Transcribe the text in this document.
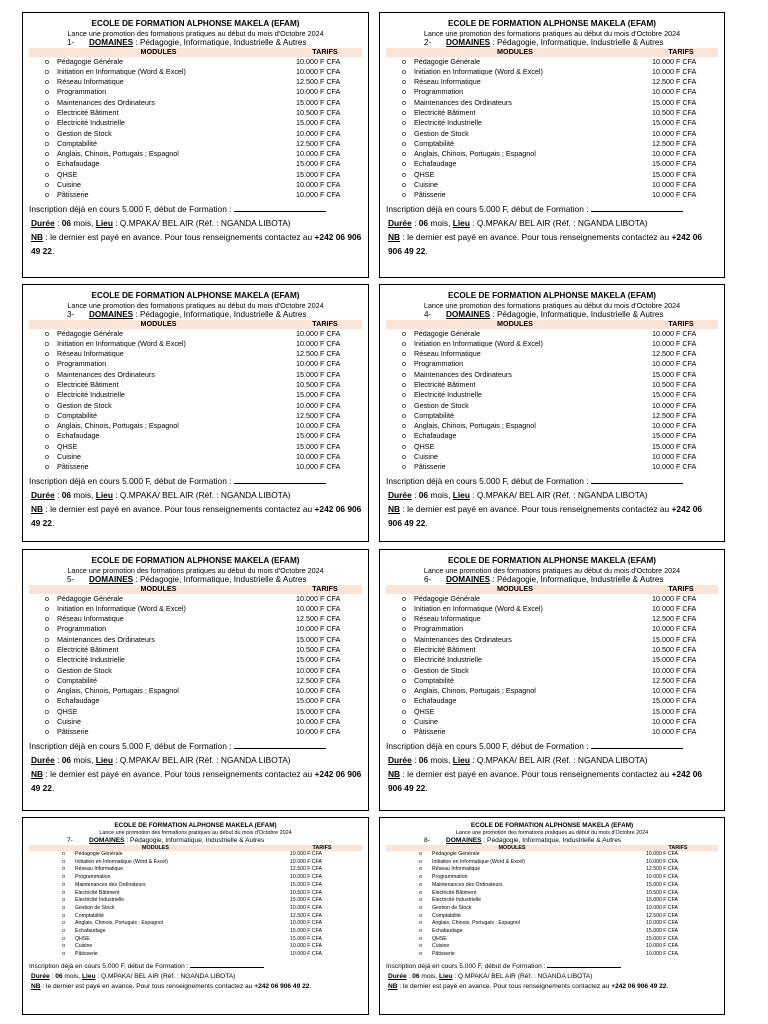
ECOLE DE FORMATION ALPHONSE MAKELA (EFAM)
Lance une promotion des formations pratiques au début du mois d'Octobre 2024
1- DOMAINES : Pédagogie, Informatique, Industrielle & Autres
MODULES	TARIFS
o	Pédagogie Générale	10.000 F CFA
o	Initiation en Informatique (Word & Excel)	10.000 F CFA
o	Réseau Informatique	12.500 F CFA
o	Programmation	10.000 F CFA
o	Maintenances des Ordinateurs	15.000 F CFA
o	Electricité Bâtiment	10.500 F CFA
o	Electricité Industrielle	15.000 F CFA
o	Gestion de Stock	10.000 F CFA
o	Comptabilité	12.500 F CFA
o	Anglais, Chinois, Portugais ; Espagnol	10.000 F CFA
o	Echafaudage	15.000 F CFA
o	QHSE	15.000 F CFA
o	Cuisine	10.000 F CFA
o	Pâtisserie	10.000 F CFA
Inscription déjà en cours 5.000 F, début de Formation :
Durée : 06 mois, Lieu : Q.MPAKA/ BEL AIR (Réf. : NGANDA LIBOTA)
NB : le dernier est payé en avance. Pour tous renseignements contactez au +242 06 906 49 22.
ECOLE DE FORMATION ALPHONSE MAKELA (EFAM)
Lance une promotion des formations pratiques au début du mois d'Octobre 2024
2- DOMAINES : Pédagogie, Informatique, Industrielle & Autres
MODULES	TARIFS
o	Pédagogie Générale	10.000 F CFA
o	Initiation en Informatique (Word & Excel)	10.000 F CFA
o	Réseau Informatique	12.500 F CFA
o	Programmation	10.000 F CFA
o	Maintenances des Ordinateurs	15.000 F CFA
o	Electricité Bâtiment	10.500 F CFA
o	Electricité Industrielle	15.000 F CFA
o	Gestion de Stock	10.000 F CFA
o	Comptabilité	12.500 F CFA
o	Anglais, Chinois, Portugais ; Espagnol	10.000 F CFA
o	Echafaudage	15.000 F CFA
o	QHSE	15.000 F CFA
o	Cuisine	10.000 F CFA
o	Pâtisserie	10.000 F CFA
Inscription déjà en cours 5.000 F, début de Formation :
Durée : 06 mois, Lieu : Q.MPAKA/ BEL AIR (Réf. : NGANDA LIBOTA)
NB : le dernier est payé en avance. Pour tous renseignements contactez au +242 06 906 49 22.
ECOLE DE FORMATION ALPHONSE MAKELA (EFAM)
Lance une promotion des formations pratiques au début du mois d'Octobre 2024
3- DOMAINES : Pédagogie, Informatique, Industrielle & Autres
MODULES	TARIFS
o	Pédagogie Générale	10.000 F CFA
o	Initiation en Informatique (Word & Excel)	10.000 F CFA
o	Réseau Informatique	12.500 F CFA
o	Programmation	10.000 F CFA
o	Maintenances des Ordinateurs	15.000 F CFA
o	Electricité Bâtiment	10.500 F CFA
o	Electricité Industrielle	15.000 F CFA
o	Gestion de Stock	10.000 F CFA
o	Comptabilité	12.500 F CFA
o	Anglais, Chinois, Portugais ; Espagnol	10.000 F CFA
o	Echafaudage	15.000 F CFA
o	QHSE	15.000 F CFA
o	Cuisine	10.000 F CFA
o	Pâtisserie	10.000 F CFA
Inscription déjà en cours 5.000 F, début de Formation :
Durée : 06 mois, Lieu : Q.MPAKA/ BEL AIR (Réf. : NGANDA LIBOTA)
NB : le dernier est payé en avance. Pour tous renseignements contactez au +242 06 906 49 22.
ECOLE DE FORMATION ALPHONSE MAKELA (EFAM)
Lance une promotion des formations pratiques au début du mois d'Octobre 2024
4- DOMAINES : Pédagogie, Informatique, Industrielle & Autres
MODULES	TARIFS
o	Pédagogie Générale	10.000 F CFA
o	Initiation en Informatique (Word & Excel)	10.000 F CFA
o	Réseau Informatique	12.500 F CFA
o	Programmation	10.000 F CFA
o	Maintenances des Ordinateurs	15.000 F CFA
o	Electricité Bâtiment	10.500 F CFA
o	Electricité Industrielle	15.000 F CFA
o	Gestion de Stock	10.000 F CFA
o	Comptabilité	12.500 F CFA
o	Anglais, Chinois, Portugais ; Espagnol	10.000 F CFA
o	Echafaudage	15.000 F CFA
o	QHSE	15.000 F CFA
o	Cuisine	10.000 F CFA
o	Pâtisserie	10.000 F CFA
Inscription déjà en cours 5.000 F, début de Formation :
Durée : 06 mois, Lieu : Q.MPAKA/ BEL AIR (Réf. : NGANDA LIBOTA)
NB : le dernier est payé en avance. Pour tous renseignements contactez au +242 06 906 49 22.
ECOLE DE FORMATION ALPHONSE MAKELA (EFAM)
Lance une promotion des formations pratiques au début du mois d'Octobre 2024
5- DOMAINES : Pédagogie, Informatique, Industrielle & Autres
MODULES	TARIFS
o	Pédagogie Générale	10.000 F CFA
o	Initiation en Informatique (Word & Excel)	10.000 F CFA
o	Réseau Informatique	12.500 F CFA
o	Programmation	10.000 F CFA
o	Maintenances des Ordinateurs	15.000 F CFA
o	Electricité Bâtiment	10.500 F CFA
o	Electricité Industrielle	15.000 F CFA
o	Gestion de Stock	10.000 F CFA
o	Comptabilité	12.500 F CFA
o	Anglais, Chinois, Portugais ; Espagnol	10.000 F CFA
o	Echafaudage	15.000 F CFA
o	QHSE	15.000 F CFA
o	Cuisine	10.000 F CFA
o	Pâtisserie	10.000 F CFA
Inscription déjà en cours 5.000 F, début de Formation :
Durée : 06 mois, Lieu : Q.MPAKA/ BEL AIR (Réf. : NGANDA LIBOTA)
NB : le dernier est payé en avance. Pour tous renseignements contactez au +242 06 906 49 22.
ECOLE DE FORMATION ALPHONSE MAKELA (EFAM)
Lance une promotion des formations pratiques au début du mois d'Octobre 2024
6- DOMAINES : Pédagogie, Informatique, Industrielle & Autres
MODULES	TARIFS
o	Pédagogie Générale	10.000 F CFA
o	Initiation en Informatique (Word & Excel)	10.000 F CFA
o	Réseau Informatique	12.500 F CFA
o	Programmation	10.000 F CFA
o	Maintenances des Ordinateurs	15.000 F CFA
o	Electricité Bâtiment	10.500 F CFA
o	Electricité Industrielle	15.000 F CFA
o	Gestion de Stock	10.000 F CFA
o	Comptabilité	12.500 F CFA
o	Anglais, Chinois, Portugais ; Espagnol	10.000 F CFA
o	Echafaudage	15.000 F CFA
o	QHSE	15.000 F CFA
o	Cuisine	10.000 F CFA
o	Pâtisserie	10.000 F CFA
Inscription déjà en cours 5.000 F, début de Formation :
Durée : 06 mois, Lieu : Q.MPAKA/ BEL AIR (Réf. : NGANDA LIBOTA)
NB : le dernier est payé en avance. Pour tous renseignements contactez au +242 06 906 49 22.
ECOLE DE FORMATION ALPHONSE MAKELA (EFAM)
Lance une promotion des formations pratiques au début du mois d'Octobre 2024
7- DOMAINES : Pédagogie, Informatique, Industrielle & Autres
MODULES	TARIFS
o	Pédagogie Générale	10.000 F CFA
o	Initiation en Informatique (Word & Excel)	10.000 F CFA
o	Réseau Informatique	12.500 F CFA
o	Programmation	10.000 F CFA
o	Maintenances des Ordinateurs	15.000 F CFA
o	Electricité Bâtiment	10.500 F CFA
o	Electricité Industrielle	15.000 F CFA
o	Gestion de Stock	10.000 F CFA
o	Comptabilité	12.500 F CFA
o	Anglais, Chinois, Portugais ; Espagnol	10.000 F CFA
o	Echafaudage	15.000 F CFA
o	QHSE	15.000 F CFA
o	Cuisine	10.000 F CFA
o	Pâtisserie	10.000 F CFA
Inscription déjà en cours 5.000 F, début de Formation :
Durée : 06 mois, Lieu : Q.MPAKA/ BEL AIR (Réf. : NGANDA LIBOTA)
NB : le dernier est payé en avance. Pour tous renseignements contactez au +242 06 906 49 22.
ECOLE DE FORMATION ALPHONSE MAKELA (EFAM)
Lance une promotion des formations pratiques au début du mois d'Octobre 2024
8- DOMAINES : Pédagogie, Informatique, Industrielle & Autres
MODULES	TARIFS
o	Pédagogie Générale	10.000 F CFA
o	Initiation en Informatique (Word & Excel)	10.000 F CFA
o	Réseau Informatique	12.500 F CFA
o	Programmation	10.000 F CFA
o	Maintenances des Ordinateurs	15.000 F CFA
o	Electricité Bâtiment	10.500 F CFA
o	Electricité Industrielle	15.000 F CFA
o	Gestion de Stock	10.000 F CFA
o	Comptabilité	12.500 F CFA
o	Anglais, Chinois, Portugais ; Espagnol	10.000 F CFA
o	Echafaudage	15.000 F CFA
o	QHSE	15.000 F CFA
o	Cuisine	10.000 F CFA
o	Pâtisserie	10.000 F CFA
Inscription déjà en cours 5.000 F, début de Formation :
Durée : 06 mois, Lieu : Q.MPAKA/ BEL AIR (Réf. : NGANDA LIBOTA)
NB : le dernier est payé en avance. Pour tous renseignements contactez au +242 06 906 49 22.
